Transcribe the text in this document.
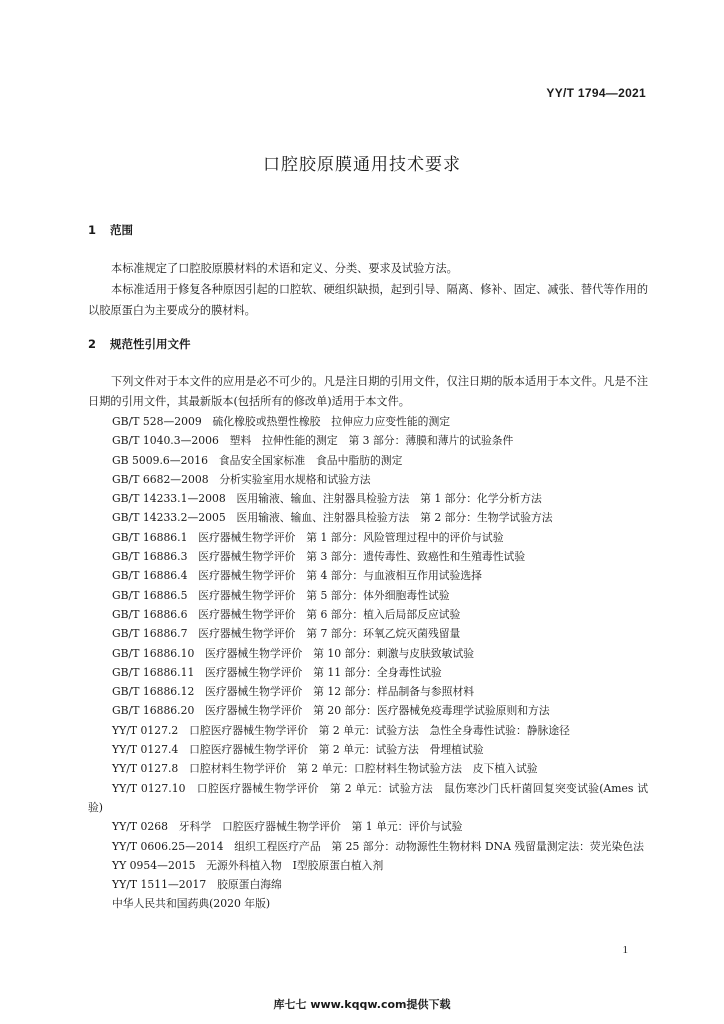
YY/T 1794—2021
口腔胶原膜通用技术要求
1 范围

本标准规定了口腔胶原膜材料的术语和定义、分类、要求及试验方法。

本标准适用于修复各种原因引起的口腔软、硬组织缺损，起到引导、隔离、修补、固定、减张、替代等作用的以胶原蛋白为主要成分的膜材料。

2 规范性引用文件

下列文件对于本文件的应用是必不可少的。凡是注日期的引用文件，仅注日期的版本适用于本文件。凡是不注日期的引用文件，其最新版本(包括所有的修改单)适用于本文件。

GB/T 528—2009　硫化橡胶或热塑性橡胶　拉伸应力应变性能的测定
GB/T 1040.3—2006　塑料　拉伸性能的测定　第 3 部分：薄膜和薄片的试验条件
GB 5009.6—2016　食品安全国家标准　食品中脂肪的测定
GB/T 6682—2008　分析实验室用水规格和试验方法
GB/T 14233.1—2008　医用输液、输血、注射器具检验方法　第 1 部分：化学分析方法
GB/T 14233.2—2005　医用输液、输血、注射器具检验方法　第 2 部分：生物学试验方法
GB/T 16886.1　医疗器械生物学评价　第 1 部分：风险管理过程中的评价与试验
GB/T 16886.3　医疗器械生物学评价　第 3 部分：遗传毒性、致癌性和生殖毒性试验
GB/T 16886.4　医疗器械生物学评价　第 4 部分：与血液相互作用试验选择
GB/T 16886.5　医疗器械生物学评价　第 5 部分：体外细胞毒性试验
GB/T 16886.6　医疗器械生物学评价　第 6 部分：植入后局部反应试验
GB/T 16886.7　医疗器械生物学评价　第 7 部分：环氧乙烷灭菌残留量
GB/T 16886.10　医疗器械生物学评价　第 10 部分：刺激与皮肤致敏试验
GB/T 16886.11　医疗器械生物学评价　第 11 部分：全身毒性试验
GB/T 16886.12　医疗器械生物学评价　第 12 部分：样品制备与参照材料
GB/T 16886.20　医疗器械生物学评价　第 20 部分：医疗器械免疫毒理学试验原则和方法
YY/T 0127.2　口腔医疗器械生物学评价　第 2 单元：试验方法　急性全身毒性试验：静脉途径
YY/T 0127.4　口腔医疗器械生物学评价　第 2 单元：试验方法　骨埋植试验
YY/T 0127.8　口腔材料生物学评价　第 2 单元：口腔材料生物试验方法　皮下植入试验
YY/T 0127.10　口腔医疗器械生物学评价　第 2 单元：试验方法　鼠伤寒沙门氏杆菌回复突变试验(Ames 试验)
YY/T 0268　牙科学　口腔医疗器械生物学评价　第 1 单元：评价与试验
YY/T 0606.25—2014　组织工程医疗产品　第 25 部分：动物源性生物材料 DNA 残留量测定法：荧光染色法
YY 0954—2015　无源外科植入物　Ⅰ型胶原蛋白植入剂
YY/T 1511—2017　胶原蛋白海绵
中华人民共和国药典(2020 年版)
1
库七七 www.kqqw.com提供下载
